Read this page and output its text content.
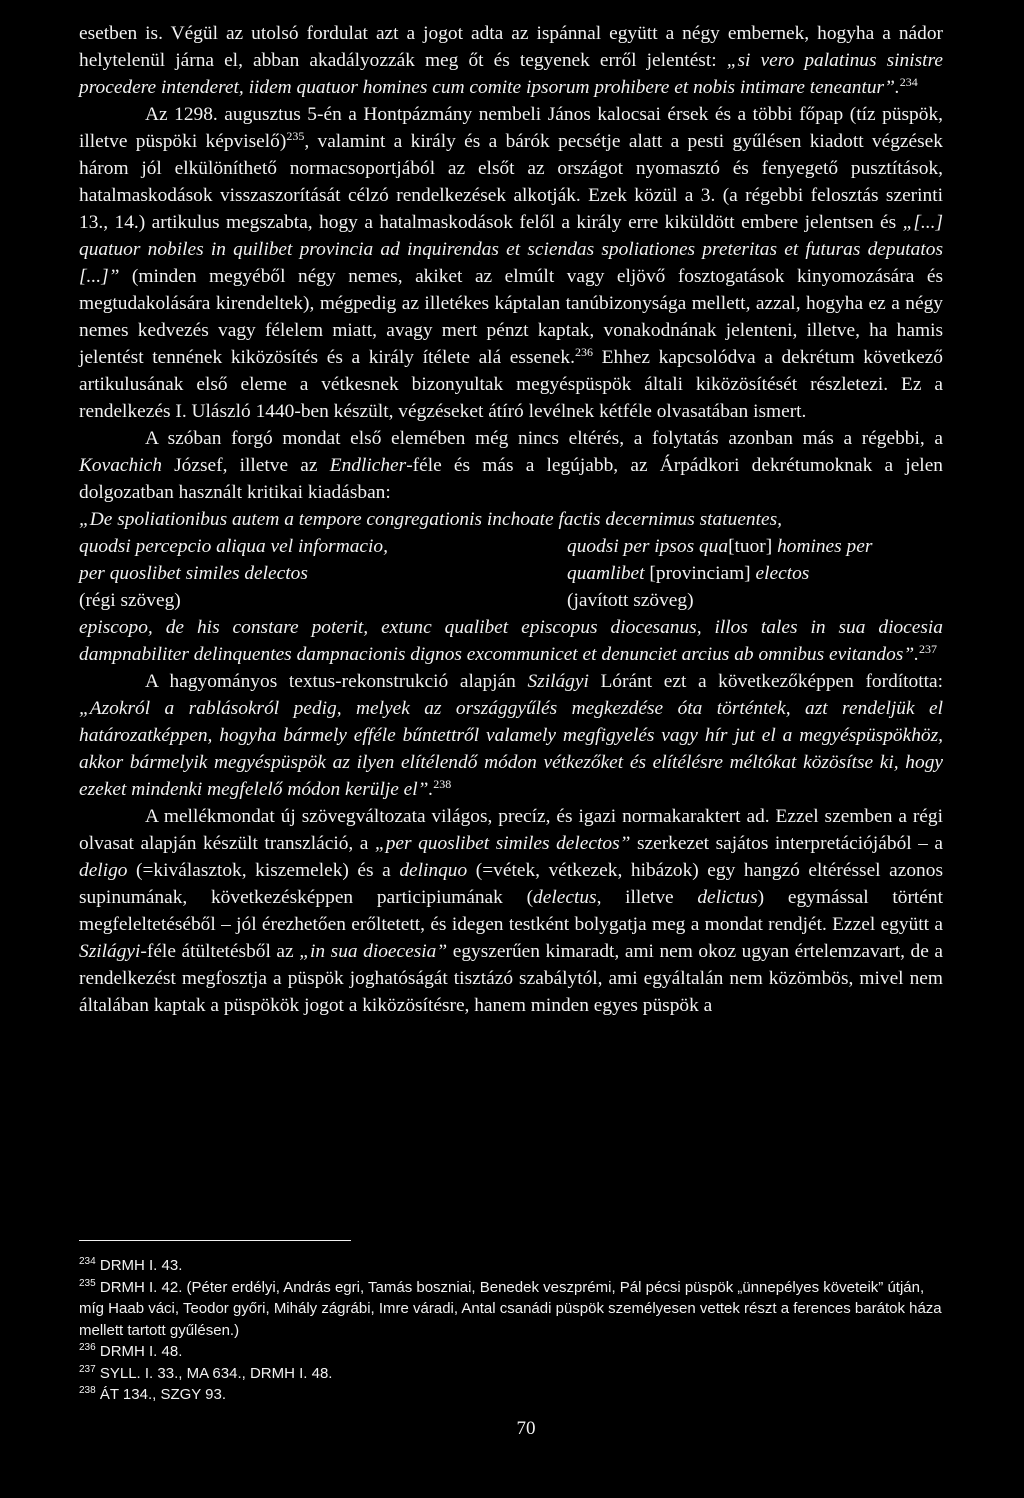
esetben is. Végül az utolsó fordulat azt a jogot adta az ispánnal együtt a négy embernek, hogyha a nádor helytelenül járna el, abban akadályozzák meg őt és tegyenek erről jelentést: „si vero palatinus sinistre procedere intenderet, iidem quatuor homines cum comite ipsorum prohibere et nobis intimare teneantur”.$^{234}$

Az 1298. augusztus 5-én a Hontpázmány nembeli János kalocsai érsek és a többi főpap (tíz püspök, illetve püspöki képviselő)$^{235}$, valamint a király és a bárók pecsétje alatt a pesti gyűlésen kiadott végzések három jól elkülöníthető normacsoportjából az elsőt az országot nyomasztó és fenyegető pusztítások, hatalmaskodások visszaszorítását célzó rendelkezések alkotják. Ezek közül a 3. (a régebbi felosztás szerinti 13., 14.) artikulus megszabta, hogy a hatalmaskodások felől a király erre kiküldött embere jelentsen és „[...] quatuor nobiles in quilibet provincia ad inquirendas et sciendas spoliationes preteritas et futuras deputatos [...]” (minden megyéből négy nemes, akiket az elmúlt vagy eljövő fosztogatások kinyomozására és megtudakolására kirendeltek), mégpedig az illetékes káptalan tanúbizonysága mellett, azzal, hogyha ez a négy nemes kedvezés vagy félelem miatt, avagy mert pénzt kaptak, vonakodnának jelenteni, illetve, ha hamis jelentést tennének kiközösítés és a király ítélete alá essenek.$^{236}$ Ehhez kapcsolódva a dekrétum következő artikulusának első eleme a vétkesnek bizonyultak megyéspüspök általi kiközösítését részletezi. Ez a rendelkezés I. Ulászló 1440-ben készült, végzéseket átíró levélnek kétféle olvasatában ismert.

A szóban forgó mondat első elemében még nincs eltérés, a folytatás azonban más a régebbi, a Kovachich József, illetve az Endlicher-féle és más a legújabb, az Árpádkori dekrétumoknak a jelen dolgozatban használt kritikai kiadásban:

„De spoliationibus autem a tempore congregationis inchoate factis decernimus statuentes,

quodsi percepcio aliqua vel informacio,
per quoslibet similes delectos
(régi szöveg)
quodsi per ipsos qua[tuor] homines per
quamlibet [provinciam] electos
(javított szöveg)

episcopo, de his constare poterit, extunc qualibet episcopus diocesanus, illos tales in sua diocesia dampnabiliter delinquentes dampnacionis dignos excommunicet et denunciet arcius ab omnibus evitandos”.$^{237}$

A hagyományos textus-rekonstrukció alapján Szilágyi Lóránt ezt a következőképpen fordította: „Azokról a rablásokról pedig, melyek az országgyűlés megkezdése óta történtek, azt rendeljük el határozatképpen, hogyha bármely efféle bűntettről valamely megfigyelés vagy hír jut el a megyéspüspökhöz, akkor bármelyik megyéspüspök az ilyen elítélendő módon vétkezőket és elítélésre méltókat közösítse ki, hogy ezeket mindenki megfelelő módon kerülje el”.$^{238}$

A mellékmondat új szövegváltozata világos, precíz, és igazi normakaraktert ad. Ezzel szemben a régi olvasat alapján készült transzláció, a „per quoslibet similes delectos” szerkezet sajátos interpretációjából – a deligo (=kiválasztok, kiszemelek) és a delinquo (=vétek, vétkezek, hibázok) egy hangzó eltéréssel azonos supinumának, következésképpen participiumának (delectus, illetve delictus) egymással történt megfeleltetéséből – jól érezhetően erőltetett, és idegen testként bolygatja meg a mondat rendjét. Ezzel együtt a Szilágyi-féle átültetésből az „in sua dioecesia” egyszerűen kimaradt, ami nem okoz ugyan értelemzavart, de a rendelkezést megfosztja a püspök joghatóságát tisztázó szabálytól, ami egyáltalán nem közömbös, mivel nem általában kaptak a püspökök jogot a kiközösítésre, hanem minden egyes püspök a

$^{234}$ DRMH I. 43.

$^{235}$ DRMH I. 42. (Péter erdélyi, András egri, Tamás boszniai, Benedek veszprémi, Pál pécsi püspök „ünnepélyes követeik” útján, míg Haab váci, Teodor győri, Mihály zágrábi, Imre váradi, Antal csanádi püspök személyesen vettek részt a ferences barátok háza mellett tartott gyűlésen.)

$^{236}$ DRMH I. 48.

$^{237}$ SYLL. I. 33., MA 634., DRMH I. 48.

$^{238}$ ÁT 134., SZGY 93.

70
